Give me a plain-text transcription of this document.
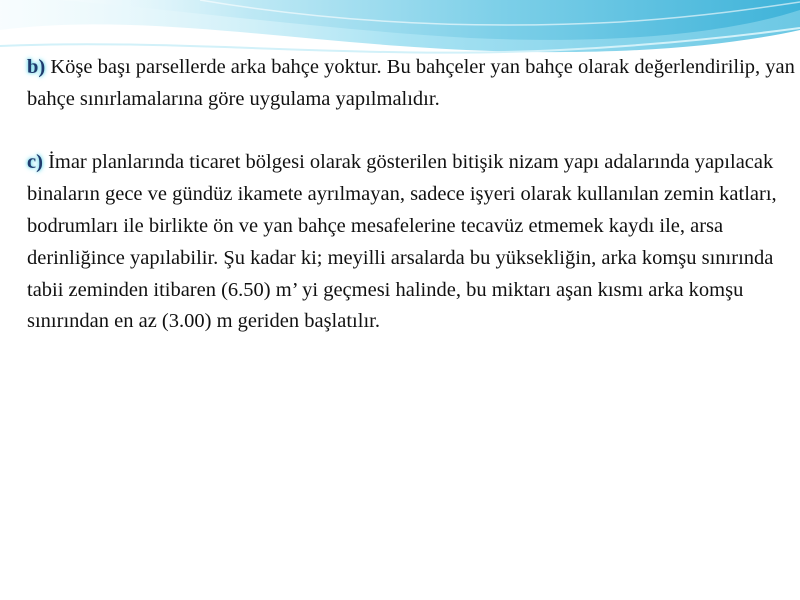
b) Köşe başı parsellerde arka bahçe yoktur. Bu bahçeler yan bahçe olarak değerlendirilip, yan bahçe sınırlamalarına göre uygulama yapılmalıdır.

c) İmar planlarında ticaret bölgesi olarak gösterilen bitişik nizam yapı adalarında yapılacak binaların gece ve gündüz ikamete ayrılmayan, sadece işyeri olarak kullanılan zemin katları, bodrumları ile birlikte ön ve yan bahçe mesafelerine tecavüz etmemek kaydı ile, arsa derinliğince yapılabilir. Şu kadar ki; meyilli arsalarda bu yüksekliğin, arka komşu sınırında tabii zeminden itibaren (6.50) m’ yi geçmesi halinde, bu miktarı aşan kısmı arka komşu sınırından en az (3.00) m geriden başlatılır.
